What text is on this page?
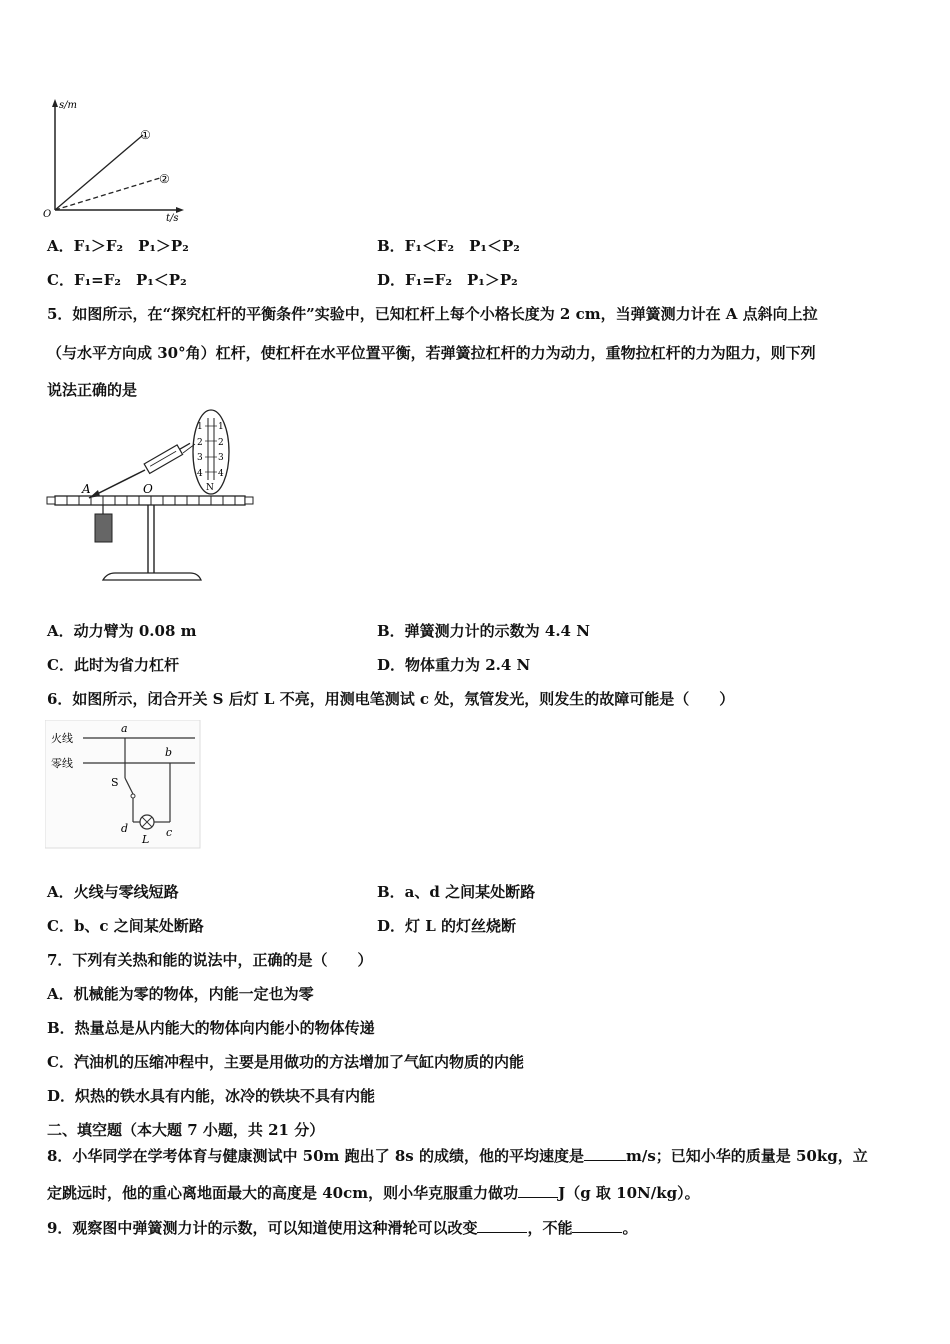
s/m
t/s
O
①
②
A．F₁＞F₂　P₁＞P₂	B．F₁＜F₂　P₁＜P₂
C．F₁=F₂　P₁＜P₂	D．F₁=F₂　P₁＞P₂
5．如图所示，在“探究杠杆的平衡条件”实验中，已知杠杆上每个小格长度为 2 cm，当弹簧测力计在 A 点斜向上拉
（与水平方向成 30°角）杠杆，使杠杆在水平位置平衡，若弹簧拉杠杆的力为动力，重物拉杠杆的力为阻力，则下列
说法正确的是
1
2
3
4
1
2
3
4
N
A	O
A．动力臂为 0.08 m	B．弹簧测力计的示数为 4.4 N
C．此时为省力杠杆	D．物体重力为 2.4 N
6．如图所示，闭合开关 S 后灯 L 不亮，用测电笔测试 c 处，氖管发光，则发生的故障可能是（　　）
火线
零线
a
b
c
d
S
L
A．火线与零线短路	B．a、d 之间某处断路
C．b、c 之间某处断路	D．灯 L 的灯丝烧断
7．下列有关热和能的说法中，正确的是（　　）
A．机械能为零的物体，内能一定也为零
B．热量总是从内能大的物体向内能小的物体传递
C．汽油机的压缩冲程中，主要是用做功的方法增加了气缸内物质的内能
D．炽热的铁水具有内能，冰冷的铁块不具有内能
二、填空题（本大题 7 小题，共 21 分）
8．小华同学在学考体育与健康测试中 50m 跑出了 8s 的成绩，他的平均速度是	m/s；已知小华的质量是 50kg，立
定跳远时，他的重心离地面最大的高度是 40cm，则小华克服重力做功	J（g 取 10N/kg）。
9．观察图中弹簧测力计的示数，可以知道使用这种滑轮可以改变	，不能	。
